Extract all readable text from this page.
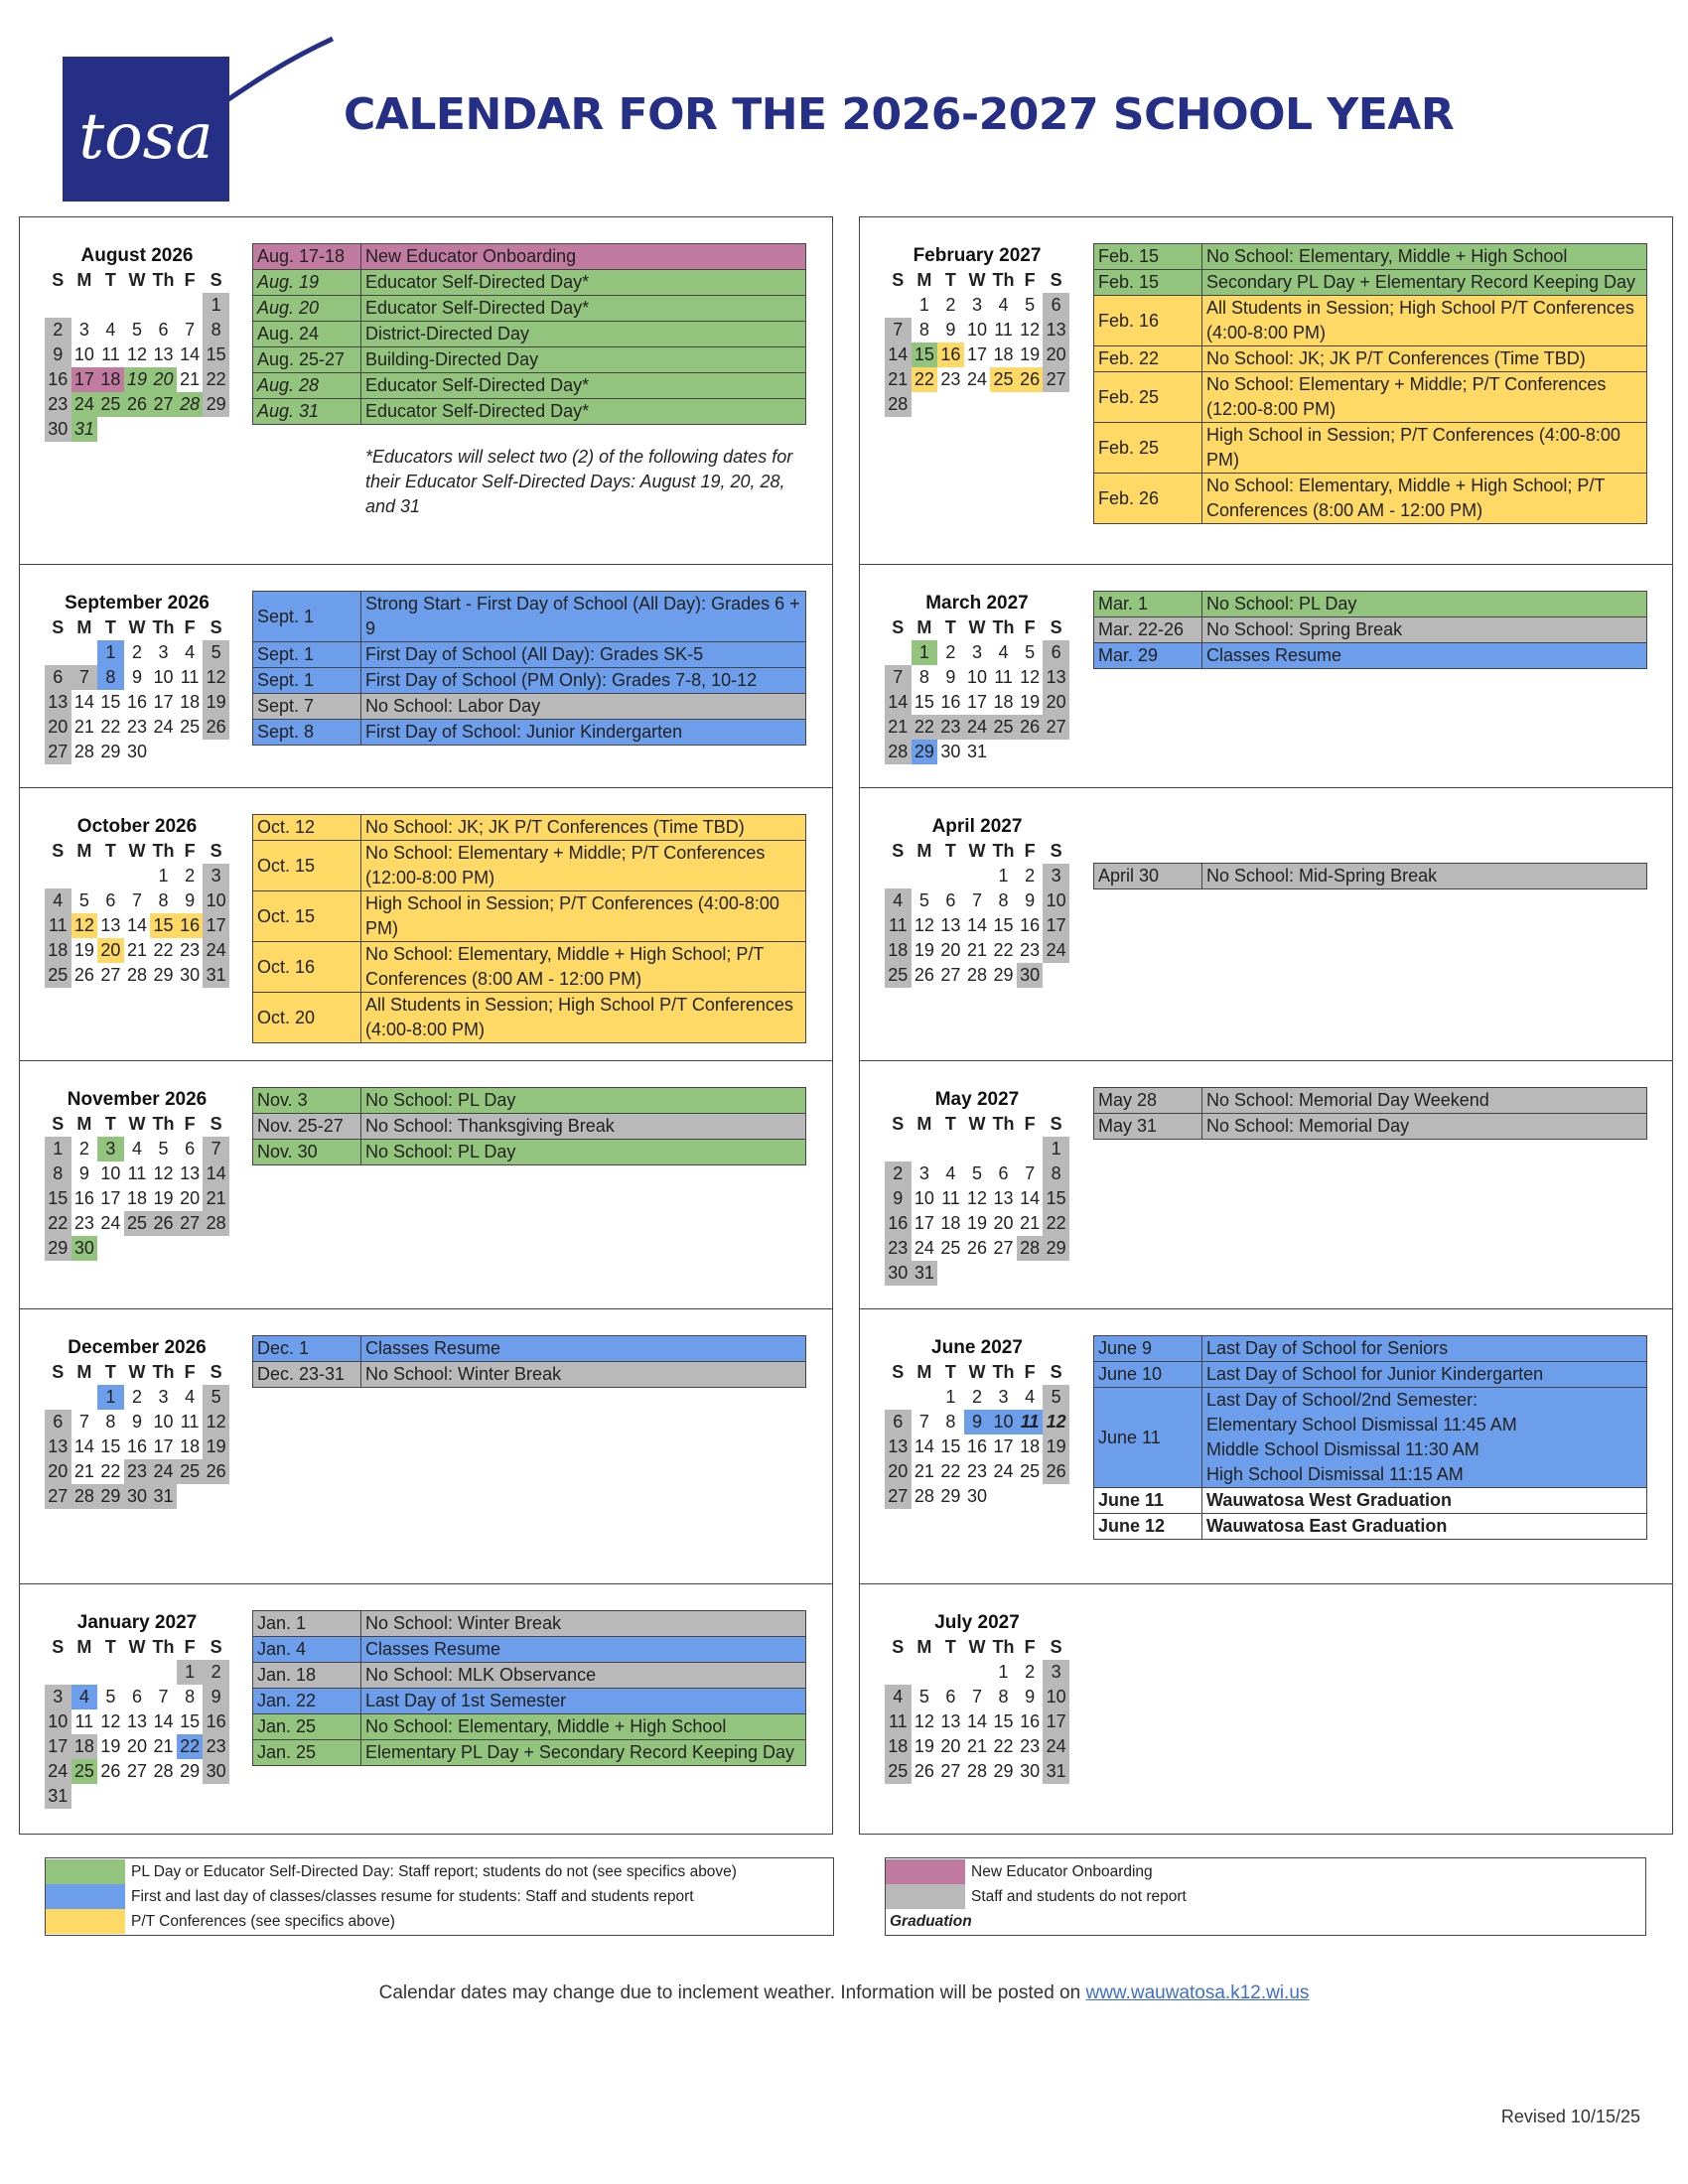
tosa	CALENDAR FOR THE 2026-2027 SCHOOL YEAR
August 2026
S	M	T	W	Th	F	S
						1
2	3	4	5	6	7	8
9	10	11	12	13	14	15
16	17	18	19	20	21	22
23	24	25	26	27	28	29
30	31					
Aug. 17-18	New Educator Onboarding
Aug. 19	Educator Self-Directed Day*
Aug. 20	Educator Self-Directed Day*
Aug. 24	District-Directed Day
Aug. 25-27	Building-Directed Day
Aug. 28	Educator Self-Directed Day*
Aug. 31	Educator Self-Directed Day*
September 2026
S	M	T	W	Th	F	S
		1	2	3	4	5
6	7	8	9	10	11	12
13	14	15	16	17	18	19
20	21	22	23	24	25	26
27	28	29	30			
Sept. 1	Strong Start - First Day of School (All Day): Grades 6 + 9
Sept. 1	First Day of School (All Day): Grades SK-5
Sept. 1	First Day of School (PM Only): Grades 7-8, 10-12
Sept. 7	No School: Labor Day
Sept. 8	First Day of School: Junior Kindergarten
October 2026
S	M	T	W	Th	F	S
				1	2	3
4	5	6	7	8	9	10
11	12	13	14	15	16	17
18	19	20	21	22	23	24
25	26	27	28	29	30	31
Oct. 12	No School: JK; JK P/T Conferences (Time TBD)
Oct. 15	No School: Elementary + Middle; P/T Conferences (12:00-8:00 PM)
Oct. 15	High School in Session; P/T Conferences (4:00-8:00 PM)
Oct. 16	No School: Elementary, Middle + High School; P/T Conferences (8:00 AM - 12:00 PM)
Oct. 20	All Students in Session; High School P/T Conferences (4:00-8:00 PM)
November 2026
S	M	T	W	Th	F	S
1	2	3	4	5	6	7
8	9	10	11	12	13	14
15	16	17	18	19	20	21
22	23	24	25	26	27	28
29	30					
Nov. 3	No School: PL Day
Nov. 25-27	No School: Thanksgiving Break
Nov. 30	No School: PL Day
December 2026
S	M	T	W	Th	F	S
		1	2	3	4	5
6	7	8	9	10	11	12
13	14	15	16	17	18	19
20	21	22	23	24	25	26
27	28	29	30	31		
Dec. 1	Classes Resume
Dec. 23-31	No School: Winter Break
January 2027
S	M	T	W	Th	F	S
					1	2
3	4	5	6	7	8	9
10	11	12	13	14	15	16
17	18	19	20	21	22	23
24	25	26	27	28	29	30
31						
Jan. 1	No School: Winter Break
Jan. 4	Classes Resume
Jan. 18	No School: MLK Observance
Jan. 22	Last Day of 1st Semester
Jan. 25	No School: Elementary, Middle + High School
Jan. 25	Elementary PL Day + Secondary Record Keeping Day
February 2027
S	M	T	W	Th	F	S
	1	2	3	4	5	6
7	8	9	10	11	12	13
14	15	16	17	18	19	20
21	22	23	24	25	26	27
28						
Feb. 15	No School: Elementary, Middle + High School
Feb. 15	Secondary PL Day + Elementary Record Keeping Day
Feb. 16	All Students in Session; High School P/T Conferences (4:00-8:00 PM)
Feb. 22	No School: JK; JK P/T Conferences (Time TBD)
Feb. 25	No School: Elementary + Middle; P/T Conferences (12:00-8:00 PM)
Feb. 25	High School in Session; P/T Conferences (4:00-8:00 PM)
Feb. 26	No School: Elementary, Middle + High School; P/T Conferences (8:00 AM - 12:00 PM)
March 2027
S	M	T	W	Th	F	S
	1	2	3	4	5	6
7	8	9	10	11	12	13
14	15	16	17	18	19	20
21	22	23	24	25	26	27
28	29	30	31			
Mar. 1	No School: PL Day
Mar. 22-26	No School: Spring Break
Mar. 29	Classes Resume
April 2027
S	M	T	W	Th	F	S
				1	2	3
4	5	6	7	8	9	10
11	12	13	14	15	16	17
18	19	20	21	22	23	24
25	26	27	28	29	30	
April 30	No School: Mid-Spring Break
May 2027
S	M	T	W	Th	F	S
						1
2	3	4	5	6	7	8
9	10	11	12	13	14	15
16	17	18	19	20	21	22
23	24	25	26	27	28	29
30	31					
May 28	No School: Memorial Day Weekend
May 31	No School: Memorial Day
June 2027
S	M	T	W	Th	F	S
		1	2	3	4	5
6	7	8	9	10	11	12
13	14	15	16	17	18	19
20	21	22	23	24	25	26
27	28	29	30			
June 9	Last Day of School for Seniors
June 10	Last Day of School for Junior Kindergarten
June 11	Last Day of School/2nd Semester:
Elementary School Dismissal 11:45 AM
Middle School Dismissal 11:30 AM
High School Dismissal 11:15 AM
June 11	Wauwatosa West Graduation
June 12	Wauwatosa East Graduation
July 2027
S	M	T	W	Th	F	S
				1	2	3
4	5	6	7	8	9	10
11	12	13	14	15	16	17
18	19	20	21	22	23	24
25	26	27	28	29	30	31
*Educators will select two (2) of the following dates for their Educator Self-Directed Days: August 19, 20, 28, and 31
PL Day or Educator Self-Directed Day: Staff report; students do not (see specifics above)
First and last day of classes/classes resume for students: Staff and students report
P/T Conferences (see specifics above)
New Educator Onboarding
Staff and students do not report
Graduation
Calendar dates may change due to inclement weather. Information will be posted on www.wauwatosa.k12.wi.us
Revised 10/15/25
